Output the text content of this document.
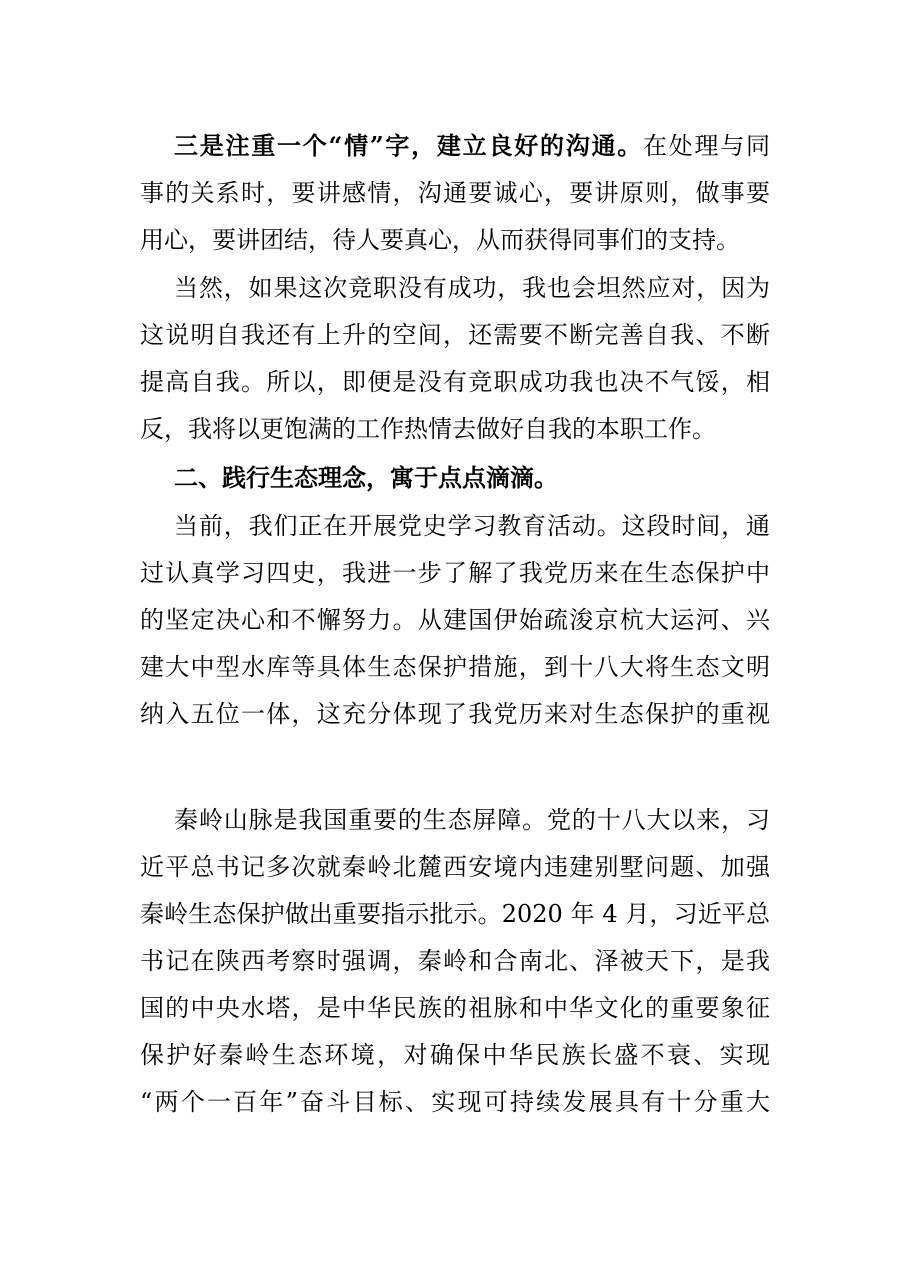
三是注重一个“情”字，建立良好的沟通。在处理与同
事的关系时，要讲感情，沟通要诚心，要讲原则，做事要
用心，要讲团结，待人要真心，从而获得同事们的支持。
当然，如果这次竞职没有成功，我也会坦然应对，因为
这说明自我还有上升的空间，还需要不断完善自我、不断
提高自我。所以，即便是没有竞职成功我也决不气馁，相
反，我将以更饱满的工作热情去做好自我的本职工作。
二、践行生态理念，寓于点点滴滴。
当前，我们正在开展党史学习教育活动。这段时间，通
过认真学习四史，我进一步了解了我党历来在生态保护中
的坚定决心和不懈努力。从建国伊始疏浚京杭大运河、兴
建大中型水库等具体生态保护措施，到十八大将生态文明
纳入五位一体，这充分体现了我党历来对生态保护的重视
秦岭山脉是我国重要的生态屏障。党的十八大以来，习
近平总书记多次就秦岭北麓西安境内违建别墅问题、加强
秦岭生态保护做出重要指示批示。2020 年 4 月，习近平总
书记在陕西考察时强调，秦岭和合南北、泽被天下，是我
国的中央水塔，是中华民族的祖脉和中华文化的重要象征
保护好秦岭生态环境，对确保中华民族长盛不衰、实现
“两个一百年”奋斗目标、实现可持续发展具有十分重大
